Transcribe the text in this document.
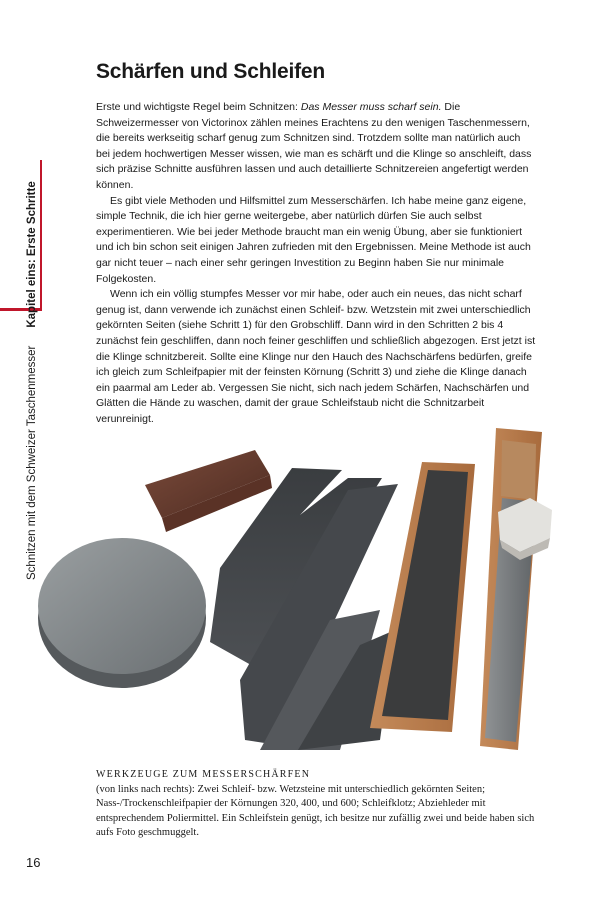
Schnitzen mit dem Schweizer TaschenmesserKapitel eins: Erste Schritte
Schärfen und Schleifen

Erste und wichtigste Regel beim Schnitzen: Das Messer muss scharf sein. Die Schweizermesser von Victorinox zählen meines Erachtens zu den wenigen Taschenmessern, die bereits werkseitig scharf genug zum Schnitzen sind. Trotzdem sollte man natürlich auch bei jedem hochwertigen Messer wissen, wie man es schärft und die Klinge so anschleift, dass sich präzise Schnitte ausführen lassen und auch detaillierte Schnitzereien angefertigt werden können.

Es gibt viele Methoden und Hilfsmittel zum Messerschärfen. Ich habe meine ganz eigene, simple Technik, die ich hier gerne weitergebe, aber natürlich dürfen Sie auch selbst experimentieren. Wie bei jeder Methode braucht man ein wenig Übung, aber sie funktioniert und ich bin schon seit einigen Jahren zufrieden mit den Ergebnissen. Meine Methode ist auch gar nicht teuer – nach einer sehr geringen Investition zu Beginn haben Sie nur minimale Folgekosten.

Wenn ich ein völlig stumpfes Messer vor mir habe, oder auch ein neues, das nicht scharf genug ist, dann verwende ich zunächst einen Schleif- bzw. Wetzstein mit zwei unterschiedlich gekörnten Seiten (siehe Schritt 1) für den Grobschliff. Dann wird in den Schritten 2 bis 4 zunächst fein geschliffen, dann noch feiner geschliffen und schließlich abgezogen. Erst jetzt ist die Klinge schnitzbereit. Sollte eine Klinge nur den Hauch des Nachschärfens bedürfen, greife ich gleich zum Schleifpapier mit der feinsten Körnung (Schritt 3) und ziehe die Klinge danach ein paarmal am Leder ab. Vergessen Sie nicht, sich nach jedem Schärfen, Nachschärfen und Glätten die Hände zu waschen, damit der graue Schleifstaub nicht die Schnitzarbeit verunreinigt.

WERKZEUGE ZUM MESSERSCHÄRFEN
(von links nach rechts): Zwei Schleif- bzw. Wetzsteine mit unterschiedlich gekörnten Seiten; Nass-/Trockenschleifpapier der Körnungen 320, 400, und 600; Schleifklotz; Abziehleder mit entsprechendem Poliermittel. Ein Schleifstein genügt, ich besitze nur zufällig zwei und beide haben sich aufs Foto geschmuggelt.
16
